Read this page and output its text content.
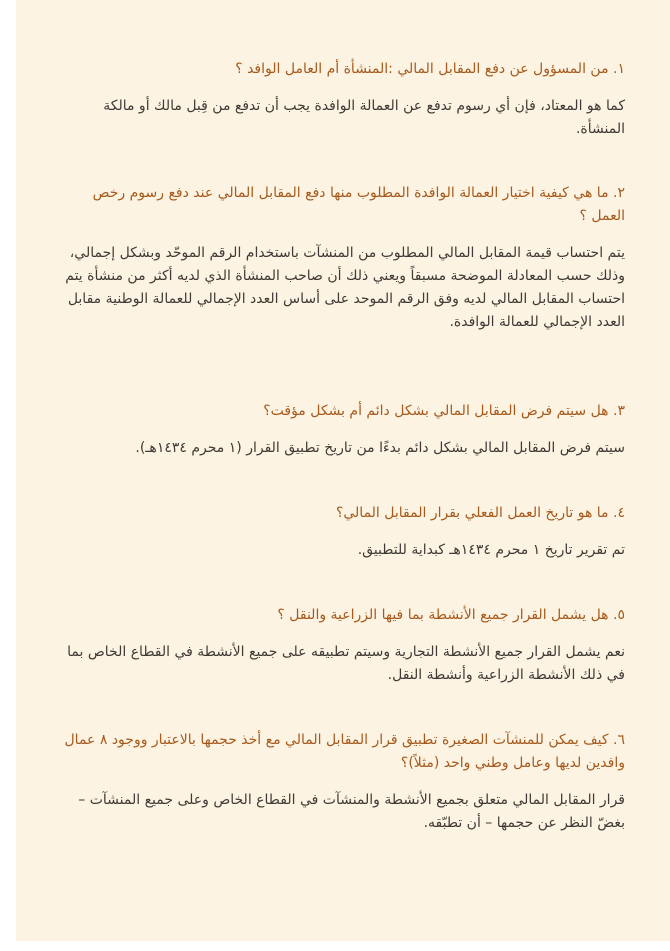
١. من المسؤول عن دفع المقابل المالي :المنشأة أم العامل الوافد ؟

كما هو المعتاد، فإن أي رسوم تدفع عن العمالة الوافدة يجب أن تدفع من قِبل مالك أو مالكة المنشأة.

٢. ما هي كيفية اختيار العمالة الوافدة المطلوب منها دفع المقابل المالي عند دفع رسوم رخص العمل ؟

يتم احتساب قيمة المقابل المالي المطلوب من المنشآت باستخدام الرقم الموحّد وبشكل إجمالي، وذلك حسب المعادلة الموضحة مسبقاً ويعني ذلك أن صاحب المنشأة الذي لديه أكثر من منشأة يتم احتساب المقابل المالي لديه وفق الرقم الموحد على أساس العدد الإجمالي للعمالة الوطنية مقابل العدد الإجمالي للعمالة الوافدة.

٣. هل سيتم فرض المقابل المالي بشكل دائم أم بشكل مؤقت؟

سيتم فرض المقابل المالي بشكل دائم بدءًا من تاريخ تطبيق القرار (١ محرم ١٤٣٤هـ).

٤. ما هو تاريخ العمل الفعلي بقرار المقابل المالي؟

تم تقرير تاريخ ١ محرم ١٤٣٤هـ كبداية للتطبيق.

٥. هل يشمل القرار جميع الأنشطة بما فيها الزراعية والنقل ؟

نعم يشمل القرار جميع الأنشطة التجارية وسيتم تطبيقه على جميع الأنشطة في القطاع الخاص بما في ذلك الأنشطة الزراعية وأنشطة النقل.

٦. كيف يمكن للمنشآت الصغيرة تطبيق قرار المقابل المالي مع أخذ حجمها بالاعتبار ووجود ٨ عمال وافدين لديها وعامل وطني واحد (مثلاً)؟

قرار المقابل المالي متعلق بجميع الأنشطة والمنشآت في القطاع الخاص وعلى جميع المنشآت – بغضّ النظر عن حجمها – أن تطبّقه.
